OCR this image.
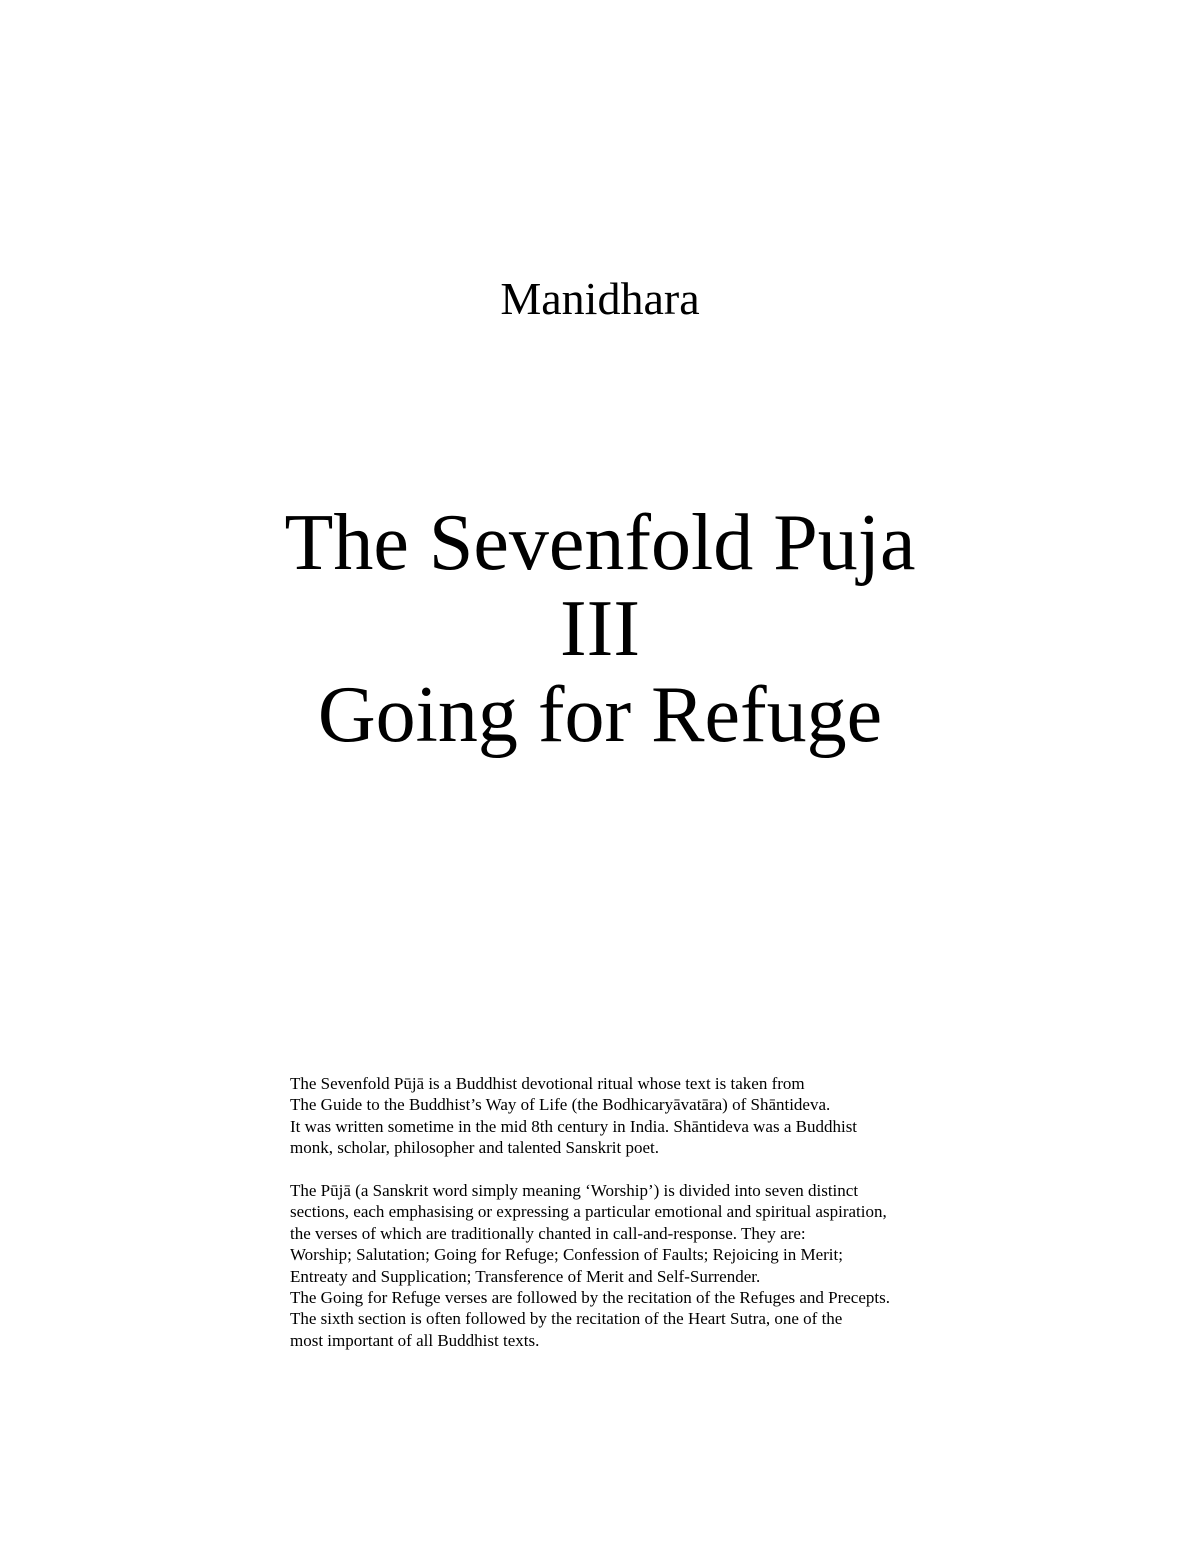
Manidhara
The Sevenfold Puja
III
Going for Refuge
The Sevenfold Pūjā is a Buddhist devotional ritual whose text is taken from
The Guide to the Buddhist’s Way of Life (the Bodhicaryāvatāra) of Shāntideva.
It was written sometime in the mid 8th century in India. Shāntideva was a Buddhist
monk, scholar, philosopher and talented Sanskrit poet.
The Pūjā (a Sanskrit word simply meaning ‘Worship’) is divided into seven distinct
sections, each emphasising or expressing a particular emotional and spiritual aspiration,
the verses of which are traditionally chanted in call-and-response. They are:
Worship; Salutation; Going for Refuge; Confession of Faults; Rejoicing in Merit;
Entreaty and Supplication; Transference of Merit and Self-Surrender.
The Going for Refuge verses are followed by the recitation of the Refuges and Precepts.
The sixth section is often followed by the recitation of the Heart Sutra, one of the
most important of all Buddhist texts.
